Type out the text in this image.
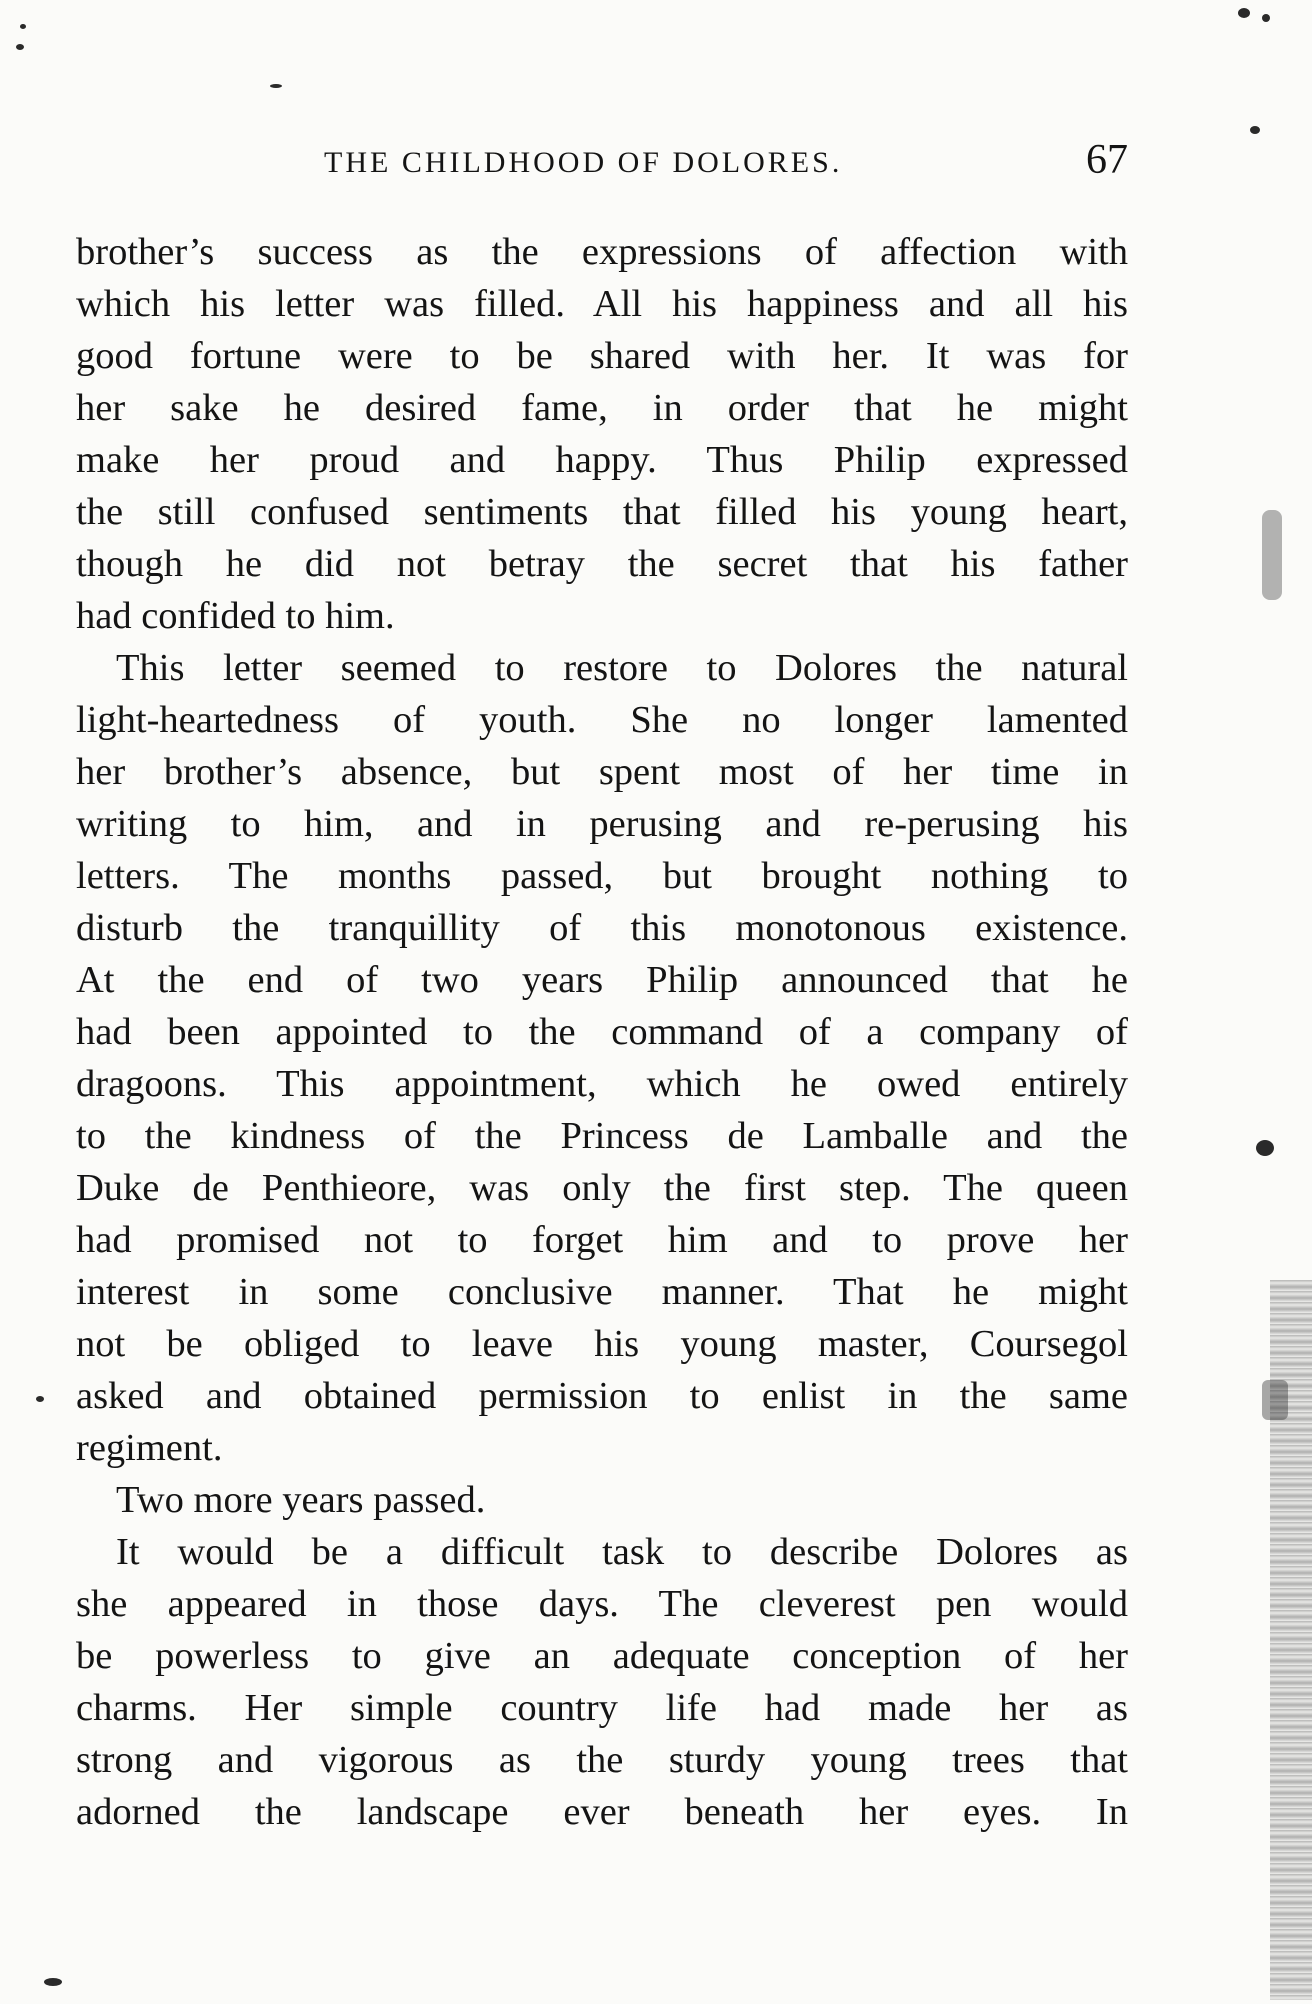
THE CHILDHOOD OF DOLORES.	67
brother’s success as the expressions of affection with
which his letter was filled. All his happiness and all his
good fortune were to be shared with her. It was for
her sake he desired fame, in order that he might
make her proud and happy. Thus Philip expressed
the still confused sentiments that filled his young heart,
though he did not betray the secret that his father
had confided to him.
This letter seemed to restore to Dolores the natural
light-heartedness of youth. She no longer lamented
her brother’s absence, but spent most of her time in
writing to him, and in perusing and re-perusing his
letters. The months passed, but brought nothing to
disturb the tranquillity of this monotonous existence.
At the end of two years Philip announced that he
had been appointed to the command of a company of
dragoons. This appointment, which he owed entirely
to the kindness of the Princess de Lamballe and the
Duke de Penthieore, was only the first step. The queen
had promised not to forget him and to prove her
interest in some conclusive manner. That he might
not be obliged to leave his young master, Coursegol
asked and obtained permission to enlist in the same
regiment.
Two more years passed.
It would be a difficult task to describe Dolores as
she appeared in those days. The cleverest pen would
be powerless to give an adequate conception of her
charms. Her simple country life had made her as
strong and vigorous as the sturdy young trees that
adorned the landscape ever beneath her eyes. In
